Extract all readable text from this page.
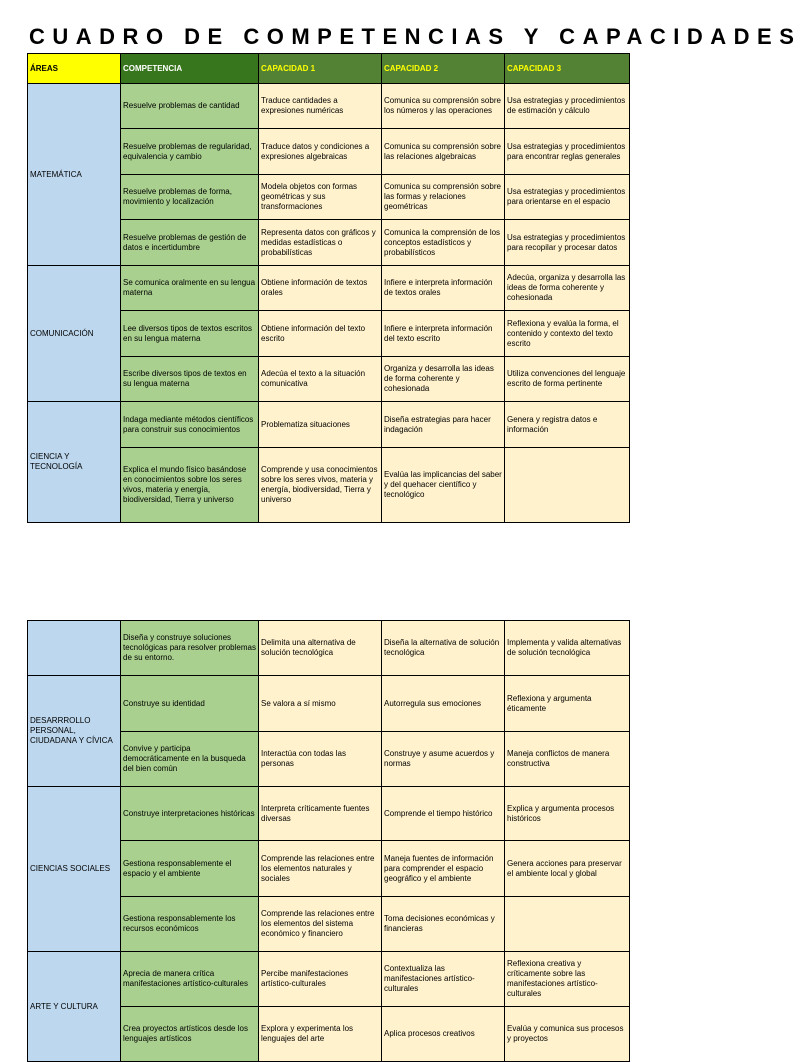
CUADRO DE COMPETENCIAS Y CAPACIDADES
ÁREAS	COMPETENCIA	CAPACIDAD 1	CAPACIDAD 2	CAPACIDAD 3
MATEMÁTICA	Resuelve problemas de cantidad	Traduce cantidades a expresiones numéricas	Comunica su comprensión sobre los números y las operaciones	Usa estrategias y procedimientos de estimación y cálculo
	Resuelve problemas de regularidad, equivalencia y cambio	Traduce datos y condiciones a expresiones algebraicas	Comunica su comprensión sobre las relaciones algebraicas	Usa estrategias y procedimientos para encontrar reglas generales
	Resuelve problemas de forma, movimiento y localización	Modela objetos con formas geométricas y sus transformaciones	Comunica su comprensión sobre las formas y relaciones geométricas	Usa estrategias y procedimientos para orientarse en el espacio
	Resuelve problemas de gestión de datos e incertidumbre	Representa datos con gráficos y medidas estadísticas o probabilísticas	Comunica la comprensión de los conceptos estadísticos y probabilísticos	Usa estrategias y procedimientos para recopilar y procesar datos
COMUNICACIÓN	Se comunica oralmente en su lengua materna	Obtiene información de textos orales	Infiere e interpreta información de textos orales	Adecúa, organiza y desarrolla las ideas de forma coherente y cohesionada
	Lee diversos tipos de textos escritos en su lengua materna	Obtiene información del texto escrito	Infiere e interpreta información del texto escrito	Reflexiona y evalúa la forma, el contenido y contexto del texto escrito
	Escribe diversos tipos de textos en su lengua materna	Adecúa el texto a la situación comunicativa	Organiza y desarrolla las ideas de forma coherente y cohesionada	Utiliza convenciones del lenguaje escrito de forma pertinente
CIENCIA Y TECNOLOGÍA	Indaga mediante métodos científicos para construir sus conocimientos	Problematiza situaciones	Diseña estrategias para hacer indagación	Genera y registra datos e información
	Explica el mundo físico basándose en conocimientos sobre los seres vivos, materia y energía, biodiversidad, Tierra y universo	Comprende y usa conocimientos sobre los seres vivos, materia y energía, biodiversidad, Tierra y universo	Evalúa las implicancias del saber y del quehacer científico y tecnológico	
	Diseña y construye soluciones tecnológicas para resolver problemas de su entorno.	Delimita una alternativa de solución tecnológica	Diseña la alternativa de solución tecnológica	Implementa y valida alternativas de solución tecnológica
DESARRROLLO PERSONAL, CIUDADANA Y CÍVICA	Construye su identidad	Se valora a sí mismo	Autorregula sus emociones	Reflexiona y argumenta éticamente
	Convive y participa democráticamente en la busqueda del bien común	Interactúa con todas las personas	Construye y asume acuerdos y normas	Maneja conflictos de manera constructiva
CIENCIAS SOCIALES	Construye interpretaciones históricas	Interpreta críticamente fuentes diversas	Comprende el tiempo histórico	Explica y argumenta procesos históricos
	Gestiona responsablemente el espacio y el ambiente	Comprende las relaciones entre los elementos naturales y sociales	Maneja fuentes de información para comprender el espacio geográfico y el ambiente	Genera acciones para preservar el ambiente local y global
	Gestiona responsablemente los recursos económicos	Comprende las relaciones entre los elementos del sistema económico y financiero	Toma decisiones económicas y financieras	
ARTE Y CULTURA	Aprecia de manera crítica manifestaciones artístico-culturales	Percibe manifestaciones artístico-culturales	Contextualiza las manifestaciones artístico-culturales	Reflexiona creativa y críticamente sobre las manifestaciones artístico-culturales
	Crea proyectos artísticos desde los lenguajes artísticos	Explora y experimenta los lenguajes del arte	Aplica procesos creativos	Evalúa y comunica sus procesos y proyectos
